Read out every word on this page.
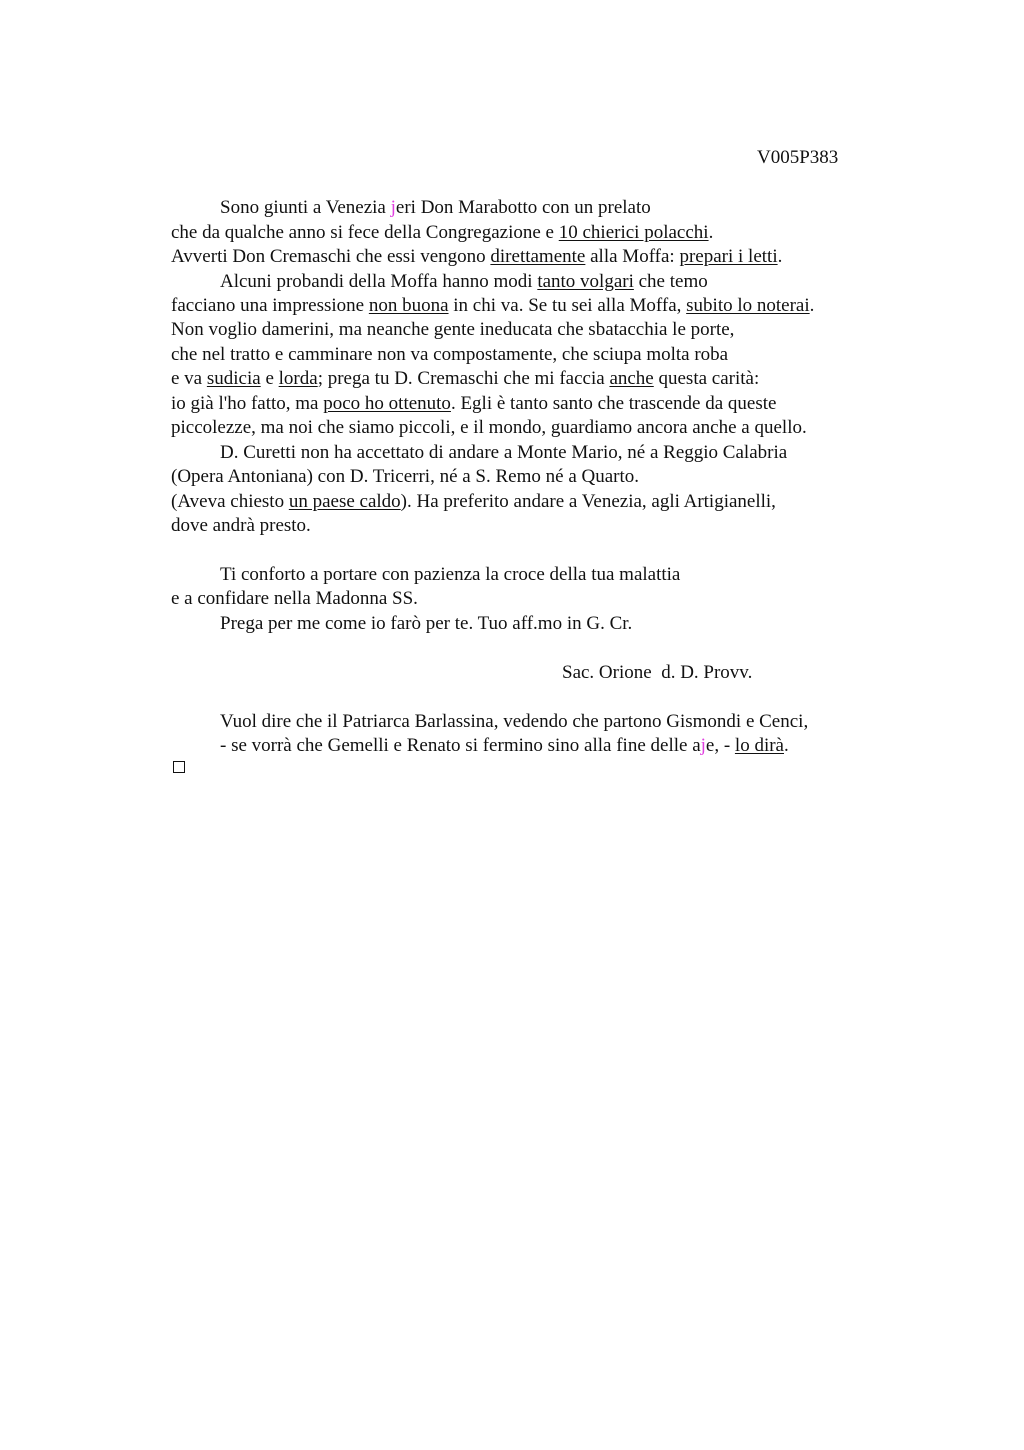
V005P383
Sono giunti a Venezia jeri Don Marabotto con un prelato
che da qualche anno si fece della Congregazione e 10 chierici polacchi.
Avverti Don Cremaschi che essi vengono direttamente alla Moffa: prepari i letti.
Alcuni probandi della Moffa hanno modi tanto volgari che temo
facciano una impressione non buona in chi va. Se tu sei alla Moffa, subito lo noterai.
Non voglio damerini, ma neanche gente ineducata che sbatacchia le porte,
che nel tratto e camminare non va compostamente, che sciupa molta roba
e va sudicia e lorda; prega tu D. Cremaschi che mi faccia anche questa carità:
io già l'ho fatto, ma poco ho ottenuto. Egli è tanto santo che trascende da queste
piccolezze, ma noi che siamo piccoli, e il mondo, guardiamo ancora anche a quello.
D. Curetti non ha accettato di andare a Monte Mario, né a Reggio Calabria
(Opera Antoniana) con D. Tricerri, né a S. Remo né a Quarto.
(Aveva chiesto un paese caldo). Ha preferito andare a Venezia, agli Artigianelli,
dove andrà presto.
Ti conforto a portare con pazienza la croce della tua malattia
e a confidare nella Madonna SS.
Prega per me come io farò per te. Tuo aff.mo in G. Cr.
Sac. Orione  d. D. Provv.
Vuol dire che il Patriarca Barlassina, vedendo che partono Gismondi e Cenci,
- se vorrà che Gemelli e Renato si fermino sino alla fine delle aje, - lo dirà.
